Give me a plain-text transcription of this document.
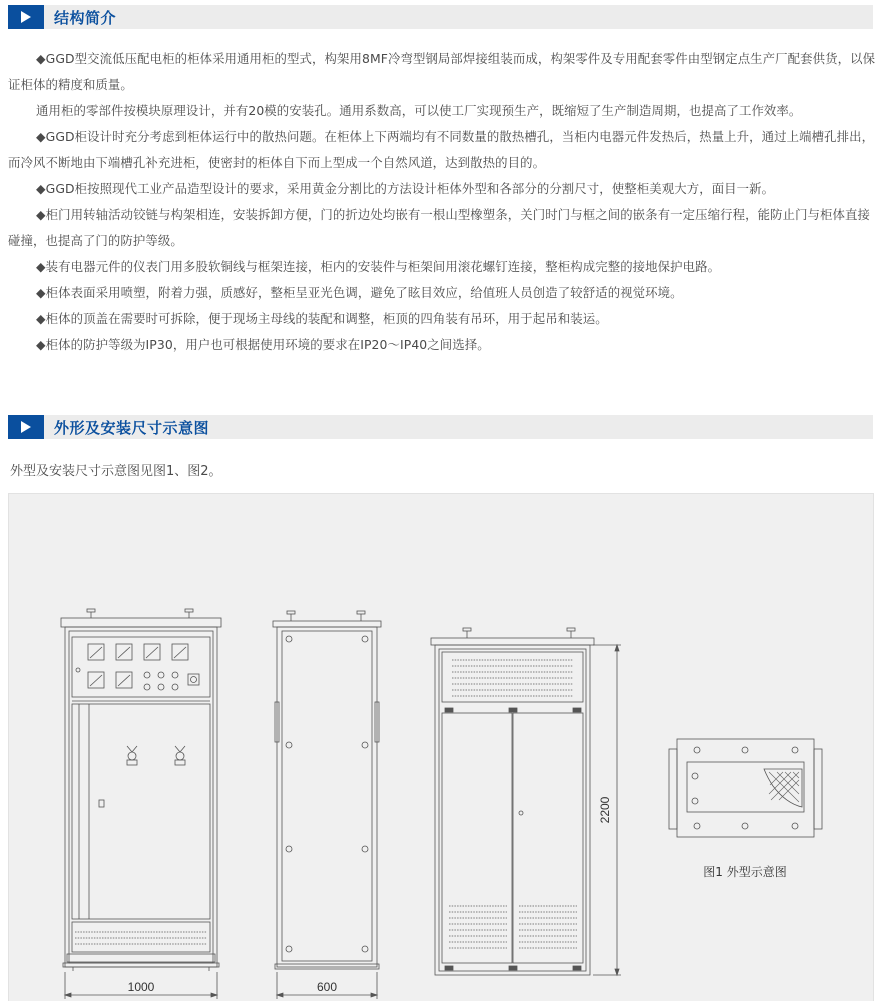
结构简介

◆GGD型交流低压配电柜的柜体采用通用柜的型式，构架用8MF冷弯型钢局部焊接组装而成，构架零件及专用配套零件由型钢定点生产厂配套供货，以保证柜体的精度和质量。

通用柜的零部件按模块原理设计，并有20模的安装孔。通用系数高，可以使工厂实现预生产，既缩短了生产制造周期，也提高了工作效率。

◆GGD柜设计时充分考虑到柜体运行中的散热问题。在柜体上下两端均有不同数量的散热槽孔，当柜内电器元件发热后，热量上升，通过上端槽孔排出，而冷风不断地由下端槽孔补充进柜，使密封的柜体自下而上型成一个自然风道，达到散热的目的。

◆GGD柜按照现代工业产品造型设计的要求，采用黄金分割比的方法设计柜体外型和各部分的分割尺寸，使整柜美观大方，面目一新。

◆柜门用转轴活动铰链与构架相连，安装拆卸方便，门的折边处均嵌有一根山型橡塑条，关门时门与框之间的嵌条有一定压缩行程，能防止门与柜体直接碰撞，也提高了门的防护等级。

◆装有电器元件的仪表门用多股软铜线与框架连接，柜内的安装件与柜架间用滚花螺钉连接，整柜构成完整的接地保护电路。

◆柜体表面采用喷塑，附着力强，质感好，整柜呈亚光色调，避免了眩目效应，给值班人员创造了较舒适的视觉环境。

◆柜体的顶盖在需要时可拆除，便于现场主母线的装配和调整，柜顶的四角装有吊环，用于起吊和装运。

◆柜体的防护等级为IP30，用户也可根据使用环境的要求在IP20～IP40之间选择。

外形及安装尺寸示意图
外型及安装尺寸示意图见图1、图2。
1000	600
2200
图1 外型示意图
